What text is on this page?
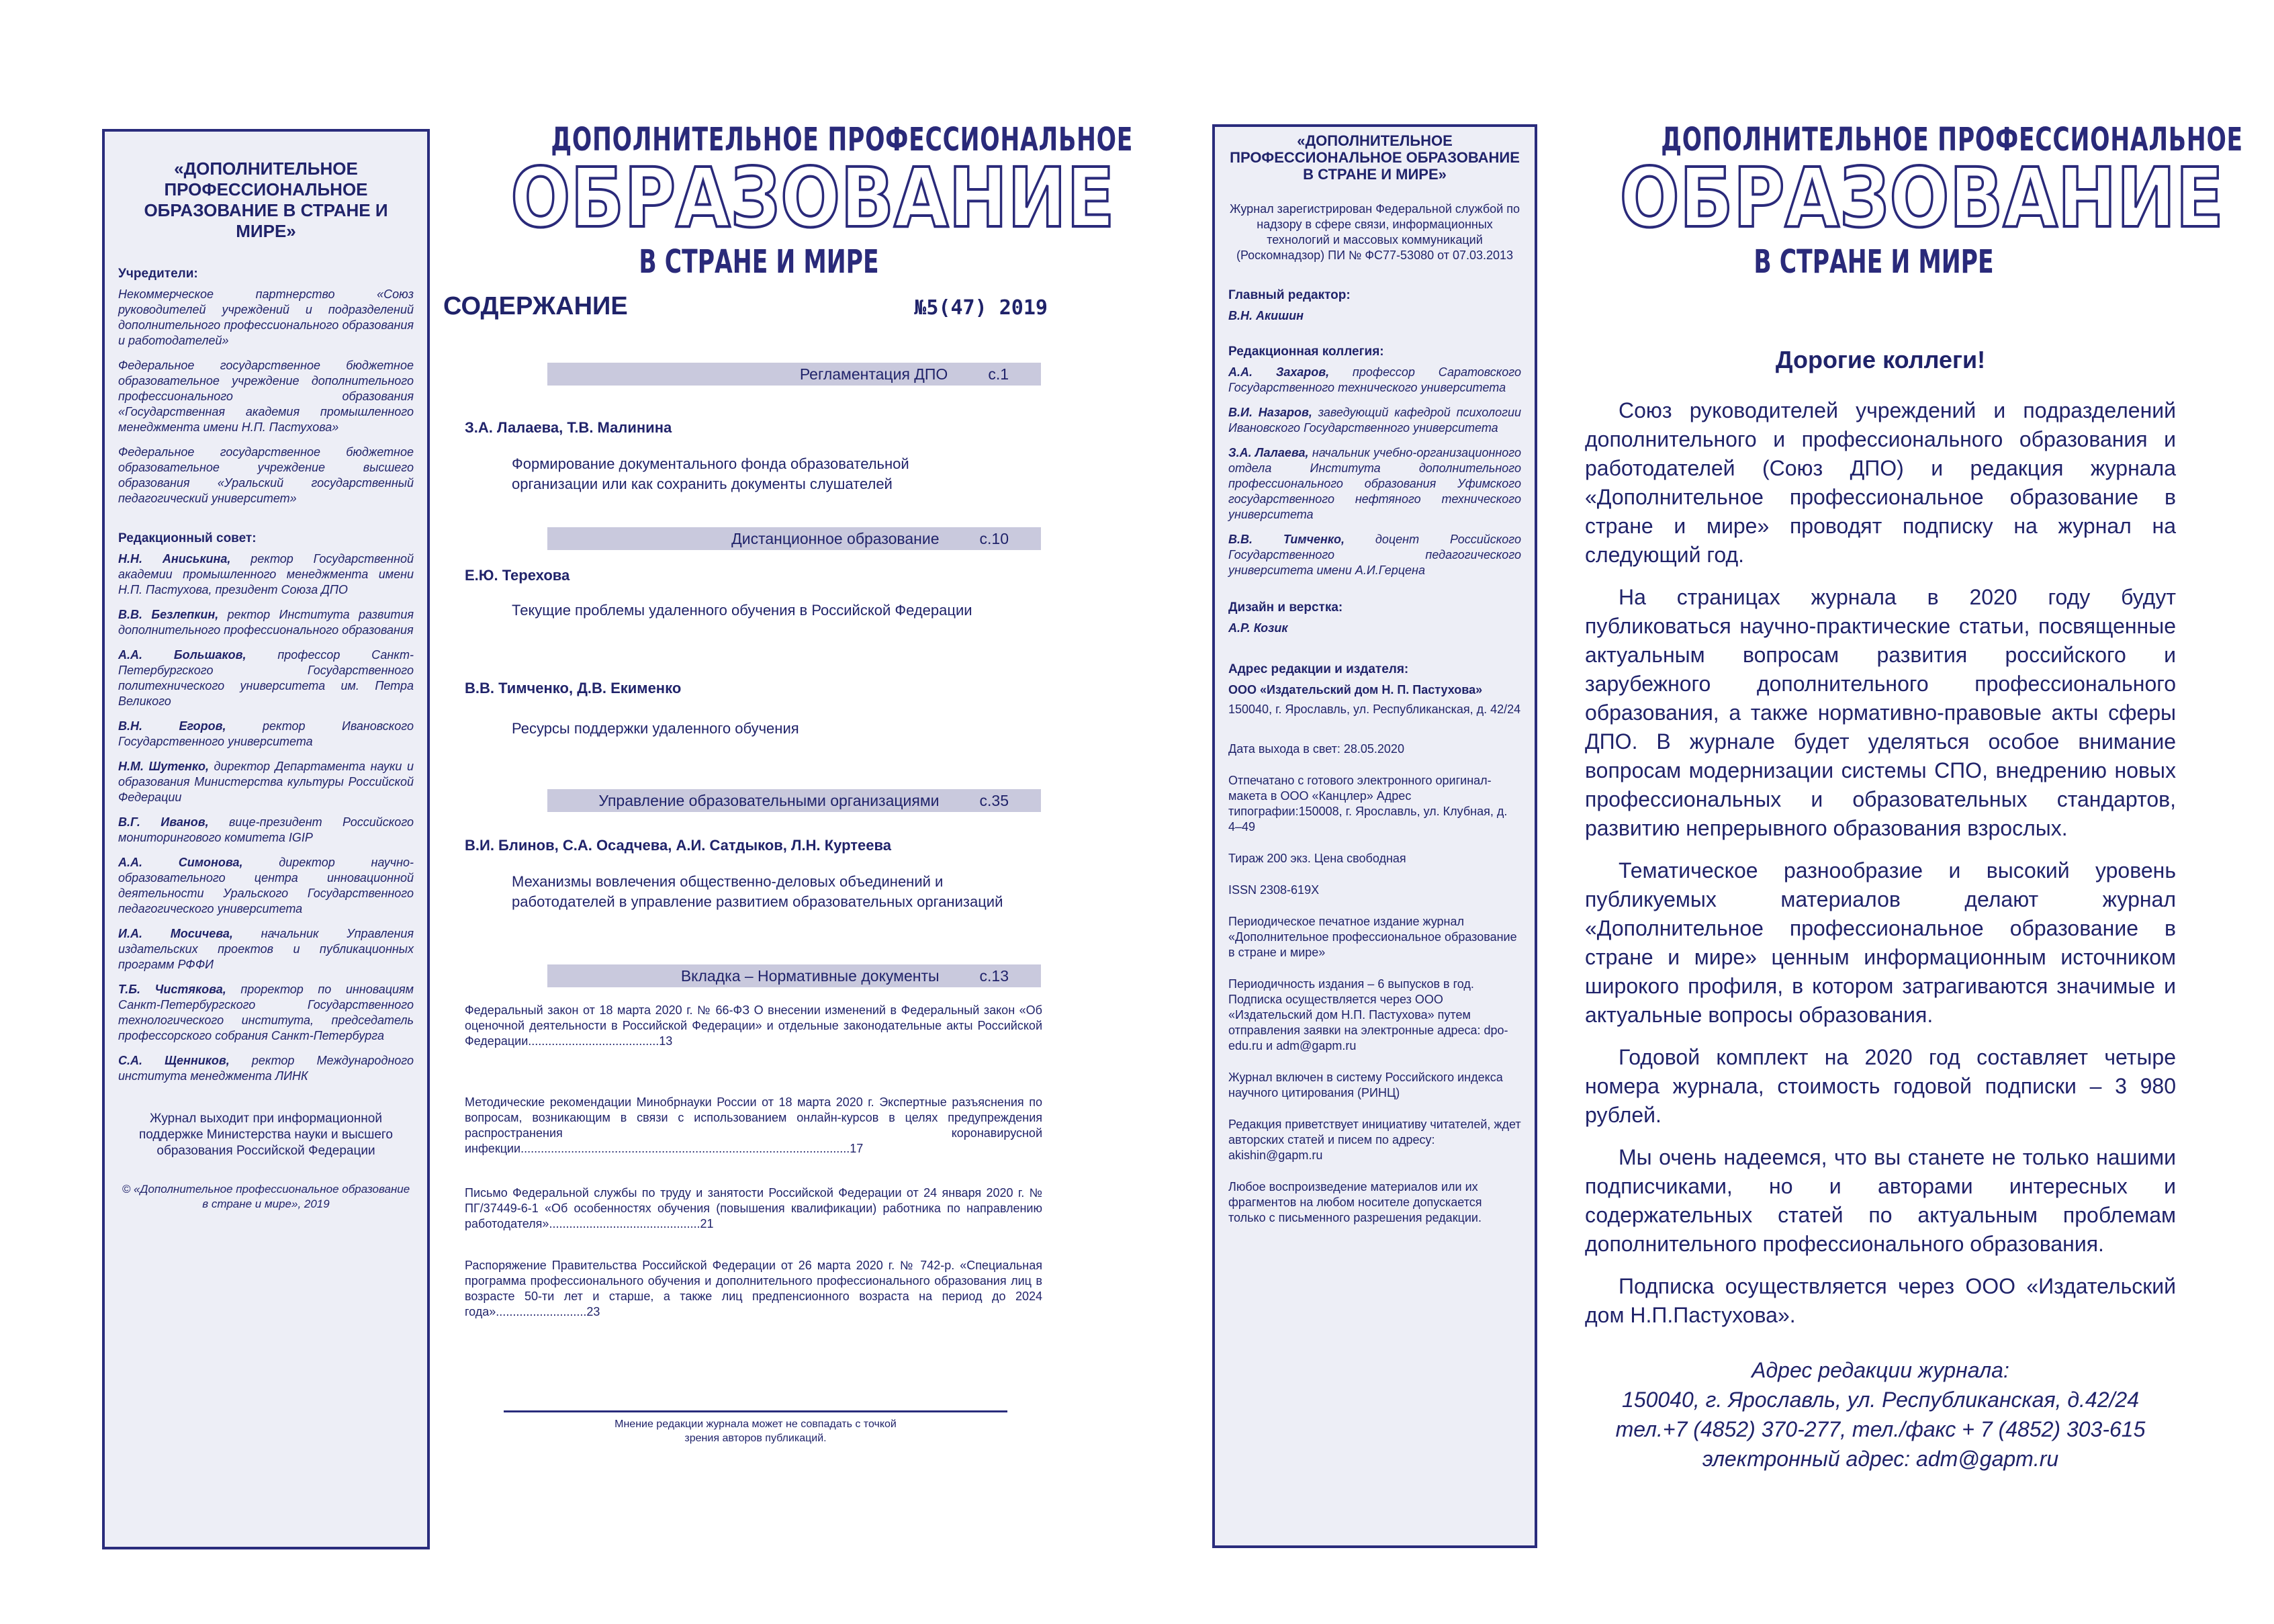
«ДОПОЛНИТЕЛЬНОЕ ПРОФЕССИОНАЛЬНОЕ ОБРАЗОВАНИЕ В СТРАНЕ И МИРЕ»
Учредители:
Некоммерческое партнерство «Союз руководителей учреждений и подразделений дополнительного профессионального образования и работодателей»
Федеральное государственное бюджетное образовательное учреждение дополнительного профессионального образования «Государственная академия промышленного менеджмента имени Н.П. Пастухова»
Федеральное государственное бюджетное образовательное учреждение высшего образования «Уральский государственный педагогический университет»
Редакционный совет:
Н.Н. Аниськина, ректор Государственной академии промышленного менеджмента имени Н.П. Пастухова, президент Союза ДПО
В.В. Безлепкин, ректор Института развития дополнительного профессионального образования
А.А. Большаков, профессор Санкт-Петербургского Государственного политехнического университета им. Петра Великого
В.Н. Егоров, ректор Ивановского Государственного университета
Н.М. Шутенко, директор Департамента науки и образования Министерства культуры Российской Федерации
В.Г. Иванов, вице-президент Российского мониторингового комитета IGIP
А.А. Симонова, директор научно-образовательного центра инновационной деятельности Уральского Государственного педагогического университета
И.А. Мосичева, начальник Управления издательских проектов и публикационных программ РФФИ
Т.Б. Чистякова, проректор по инновациям Санкт-Петербургского Государственного технологического института, председатель профессорского собрания Санкт-Петербурга
С.А. Щенников, ректор Международного института менеджмента ЛИНК
Журнал выходит при информационной поддержке Министерства науки и высшего образования Российской Федерации
© «Дополнительное профессиональное образование в стране и мире», 2019
ДОПОЛНИТЕЛЬНОЕ ПРОФЕССИОНАЛЬНОЕ
ОБРАЗОВАНИЕ
В СТРАНЕ И МИРЕ
СОДЕРЖАНИЕ	№5(47) 2019
Регламентация ДПО	с.1
З.А. Лалаева, Т.В. Малинина
Формирование документального фонда образовательной организации или как сохранить документы слушателей
Дистанционное образование	с.10
Е.Ю. Терехова
Текущие проблемы удаленного обучения в Российской Федерации
В.В. Тимченко, Д.В. Екименко
Ресурсы поддержки удаленного обучения
Управление образовательными организациями	с.35
В.И. Блинов, С.А. Осадчева, А.И. Сатдыков, Л.Н. Куртеева
Механизмы вовлечения общественно-деловых объединений и работодателей в управление развитием образовательных организаций
Вкладка – Нормативные документы	с.13
Федеральный закон от 18 марта 2020 г. № 66-ФЗ О внесении изменений в Федеральный закон «Об оценочной деятельности в Российской Федерации» и отдельные законодательные акты Российской Федерации.......................................13
Методические рекомендации Минобрнауки России от 18 марта 2020 г. Экспертные разъяснения по вопросам, возникающим в связи с использованием онлайн-курсов в целях предупреждения распространения коронавирусной инфекции..................................................................................................17
Письмо Федеральной службы по труду и занятости Российской Федерации от 24 января 2020 г. № ПГ/37449-6-1 «Об особенностях обучения (повышения квалификации) работника по направлению работодателя».............................................21
Распоряжение Правительства Российской Федерации от 26 марта 2020 г. № 742-р. «Специальная программа профессионального обучения и дополнительного профессионального образования лиц в возрасте 50-ти лет и старше, а также лиц предпенсионного возраста на период до 2024 года»...........................23
Мнение редакции журнала может не совпадать с точкой зрения авторов публикаций.
«ДОПОЛНИТЕЛЬНОЕ ПРОФЕССИОНАЛЬНОЕ ОБРАЗОВАНИЕ В СТРАНЕ И МИРЕ»
Журнал зарегистрирован Федеральной службой по надзору в сфере связи, информационных технологий и массовых коммуникаций (Роскомнадзор) ПИ № ФС77-53080 от 07.03.2013
Главный редактор:
В.Н. Акишин
Редакционная коллегия:
А.А. Захаров, профессор Саратовского Государственного технического университета
В.И. Назаров, заведующий кафедрой психологии Ивановского Государственного университета
З.А. Лалаева, начальник учебно-организационного отдела Института дополнительного профессионального образования Уфимского государственного нефтяного технического университета
В.В. Тимченко, доцент Российского Государственного педагогического университета имени А.И.Герцена
Дизайн и верстка:
А.Р. Козик
Адрес редакции и издателя:

ООО «Издательский дом Н. П. Пастухова»

150040, г. Ярославль, ул. Республиканская, д. 42/24

Дата выхода в свет: 28.05.2020

Отпечатано с готового электронного оригинал-макета в ООО «Канцлер» Адрес типографии:150008, г. Ярославль, ул. Клубная, д. 4–49

Тираж 200 экз. Цена свободная

ISSN 2308-619X

Периодическое печатное издание журнал «Дополнительное профессиональное образование в стране и мире»

Периодичность издания – 6 выпусков в год. Подписка осуществляется через ООО «Издательский дом Н.П. Пастухова» путем отправления заявки на электронные адреса: dpo-edu.ru и adm@gapm.ru

Журнал включен в систему Российского индекса научного цитирования (РИНЦ)

Редакция приветствует инициативу читателей, ждет авторских статей и писем по адресу: akishin@gapm.ru

Любое воспроизведение материалов или их фрагментов на любом носителе допускается только с письменного разрешения редакции.

ДОПОЛНИТЕЛЬНОЕ ПРОФЕССИОНАЛЬНОЕ
ОБРАЗОВАНИЕ
В СТРАНЕ И МИРЕ
Дорогие коллеги!

Союз руководителей учреждений и подразделений дополнительного и профессионального образования и работодателей (Союз ДПО) и редакция журнала «Дополнительное профессиональное образование в стране и мире» проводят подписку на журнал на следующий год.

На страницах журнала в 2020 году будут публиковаться научно-практические статьи, посвященные актуальным вопросам развития российского и зарубежного дополнительного профессионального образования, а также нормативно-правовые акты сферы ДПО. В журнале будет уделяться особое внимание вопросам модернизации системы СПО, внедрению новых профессиональных и образовательных стандартов, развитию непрерывного образования взрослых.

Тематическое разнообразие и высокий уровень публикуемых материалов делают журнал «Дополнительное профессиональное образование в стране и мире» ценным информационным источником широкого профиля, в котором затрагиваются значимые и актуальные вопросы образования.

Годовой комплект на 2020 год составляет четыре номера журнала, стоимость годовой подписки – 3 980 рублей.

Мы очень надеемся, что вы станете не только нашими подписчиками, но и авторами интересных и содержательных статей по актуальным проблемам дополнительного профессионального образования.

Подписка осуществляется через ООО «Издательский дом Н.П.Пастухова».

Адрес редакции журнала:
150040, г. Ярославль, ул. Республиканская, д.42/24
тел.+7 (4852) 370-277, тел./факс + 7 (4852) 303-615
электронный адрес: adm@gapm.ru
